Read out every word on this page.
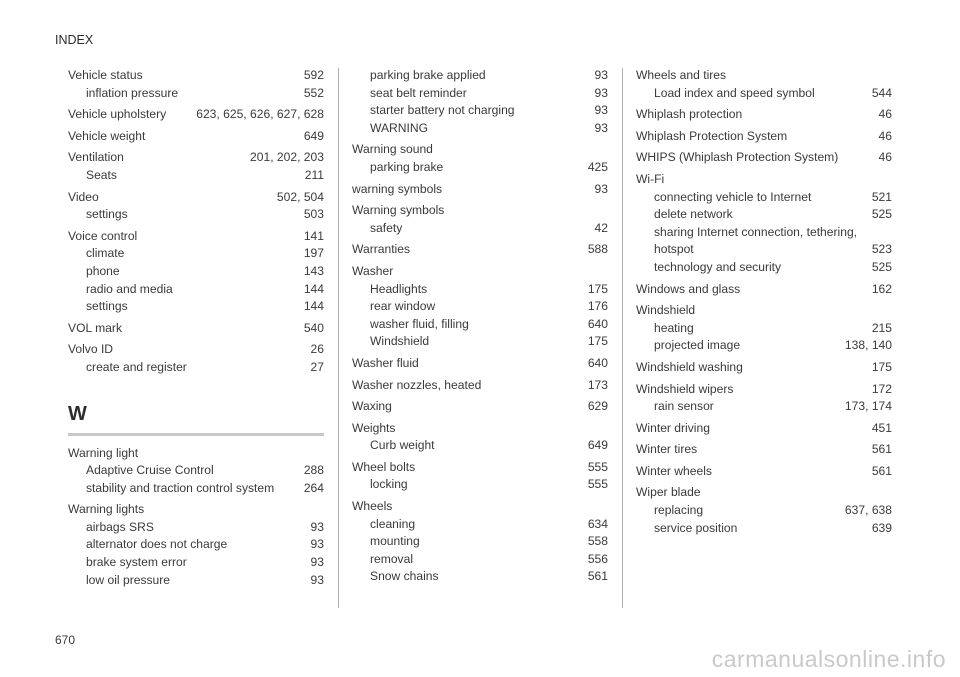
INDEX
Vehicle status	592
inflation pressure	552
Vehicle upholstery	623, 625, 626, 627, 628
Vehicle weight	649
Ventilation	201, 202, 203
Seats	211
Video	502, 504
settings	503
Voice control	141
climate	197
phone	143
radio and media	144
settings	144
VOL mark	540
Volvo ID	26
create and register	27
W
Warning light
Adaptive Cruise Control	288
stability and traction control system	264
Warning lights
airbags SRS	93
alternator does not charge	93
brake system error	93
low oil pressure	93
parking brake applied	93
seat belt reminder	93
starter battery not charging	93
WARNING	93
Warning sound
parking brake	425
warning symbols	93
Warning symbols
safety	42
Warranties	588
Washer
Headlights	175
rear window	176
washer fluid, filling	640
Windshield	175
Washer fluid	640
Washer nozzles, heated	173
Waxing	629
Weights
Curb weight	649
Wheel bolts	555
locking	555
Wheels
cleaning	634
mounting	558
removal	556
Snow chains	561
Wheels and tires
Load index and speed symbol	544
Whiplash protection	46
Whiplash Protection System	46
WHIPS (Whiplash Protection System)	46
Wi-Fi
connecting vehicle to Internet	521
delete network	525
sharing Internet connection, tethering,
hotspot	523
technology and security	525
Windows and glass	162
Windshield
heating	215
projected image	138, 140
Windshield washing	175
Windshield wipers	172
rain sensor	173, 174
Winter driving	451
Winter tires	561
Winter wheels	561
Wiper blade
replacing	637, 638
service position	639
670
carmanualsonline.info
